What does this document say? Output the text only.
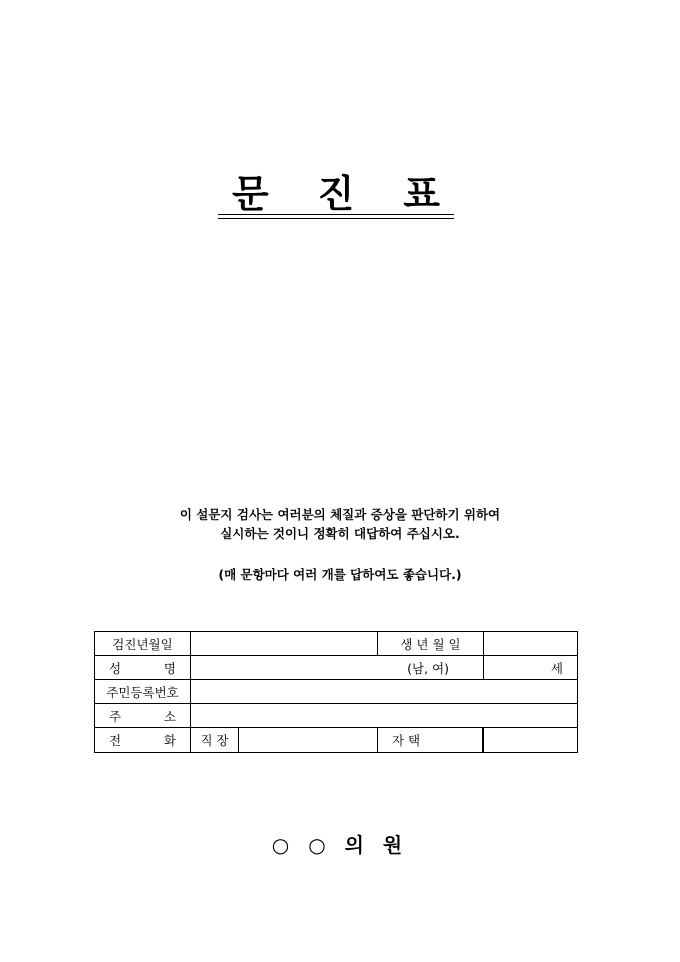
문 진 표
이 설문지 검사는 여러분의 체질과 증상을 판단하기 위하여
실시하는 것이니 정확히 대답하여 주십시오.
(매 문항마다 여러 개를 답하여도 좋습니다.)
검진년월일			생 년 월 일	

성 명	(남, 여)			세
주민등록번호				

주 소				

전 화	직 장	자 택		

○ ○ 의 원
